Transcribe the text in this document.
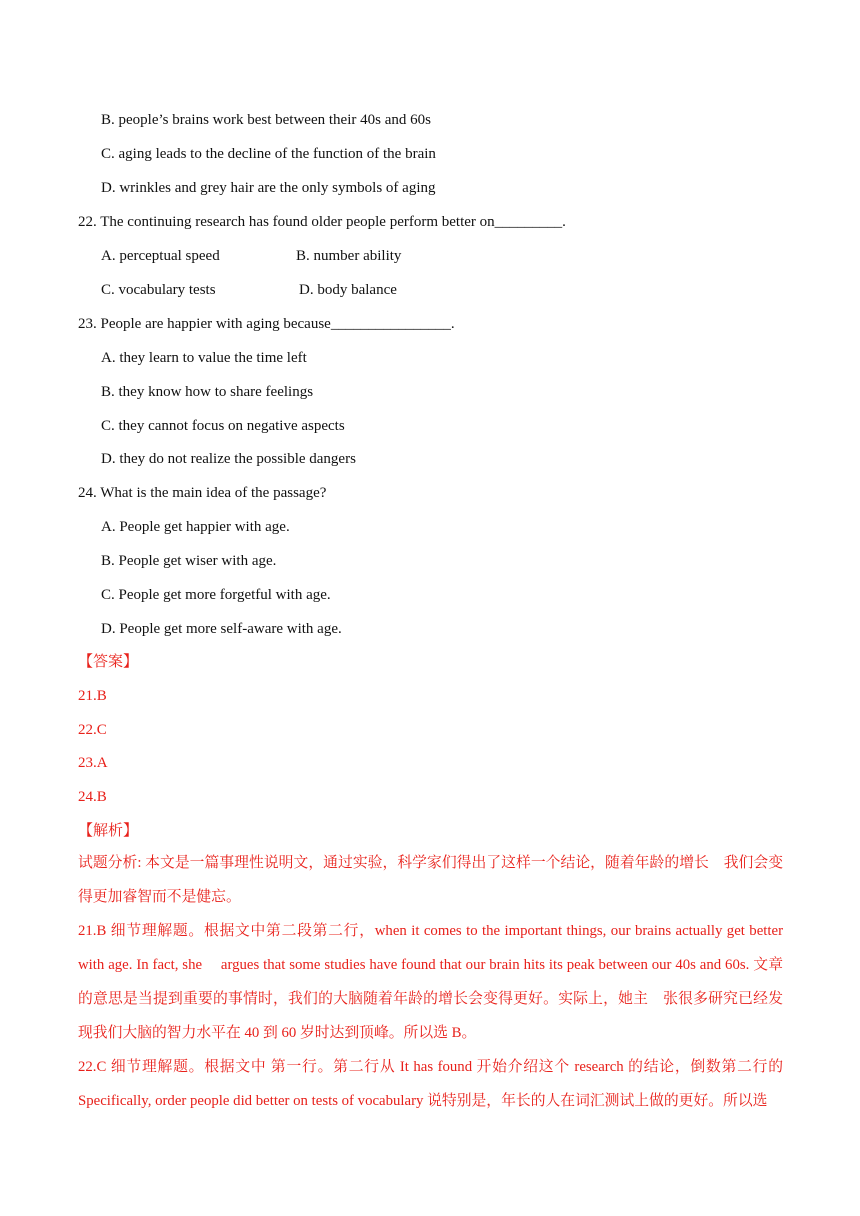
B. people’s brains work best between their 40s and 60s
C. aging leads to the decline of the function of the brain
D. wrinkles and grey hair are the only symbols of aging
22. The continuing research has found older people perform better on_________.
A. perceptual speed	B. number ability
C. vocabulary tests	D. body balance
23. People are happier with aging because________________.
A. they learn to value the time left
B. they know how to share feelings
C. they cannot focus on negative aspects
D. they do not realize the possible dangers
24. What is the main idea of the passage?
A. People get happier with age.
B. People get wiser with age.
C. People get more forgetful with age.
D. People get more self-aware with age.
【答案】
21.B
22.C
23.A
24.B
【解析】
试题分析: 本文是一篇事理性说明文，通过实验，科学家们得出了这样一个结论，随着年龄的增长　我们会变得更加睿智而不是健忘。
21.B 细节理解题。根据文中第二段第二行，when it comes to the important things, our brains actually get better with age. In fact, she 　argues that some studies have found that our brain hits its peak between our 40s and 60s. 文章的意思是当提到重要的事情时，我们的大脑随着年龄的增长会变得更好。实际上，她主　张很多研究已经发现我们大脑的智力水平在 40 到 60 岁时达到顶峰。所以选 B。
22.C 细节理解题。根据文中 第一行。第二行从 It has found 开始介绍这个 research 的结论，倒数第二行的 Specifically, order people did better on tests of vocabulary 说特别是，年长的人在词汇测试上做的更好。所以选
